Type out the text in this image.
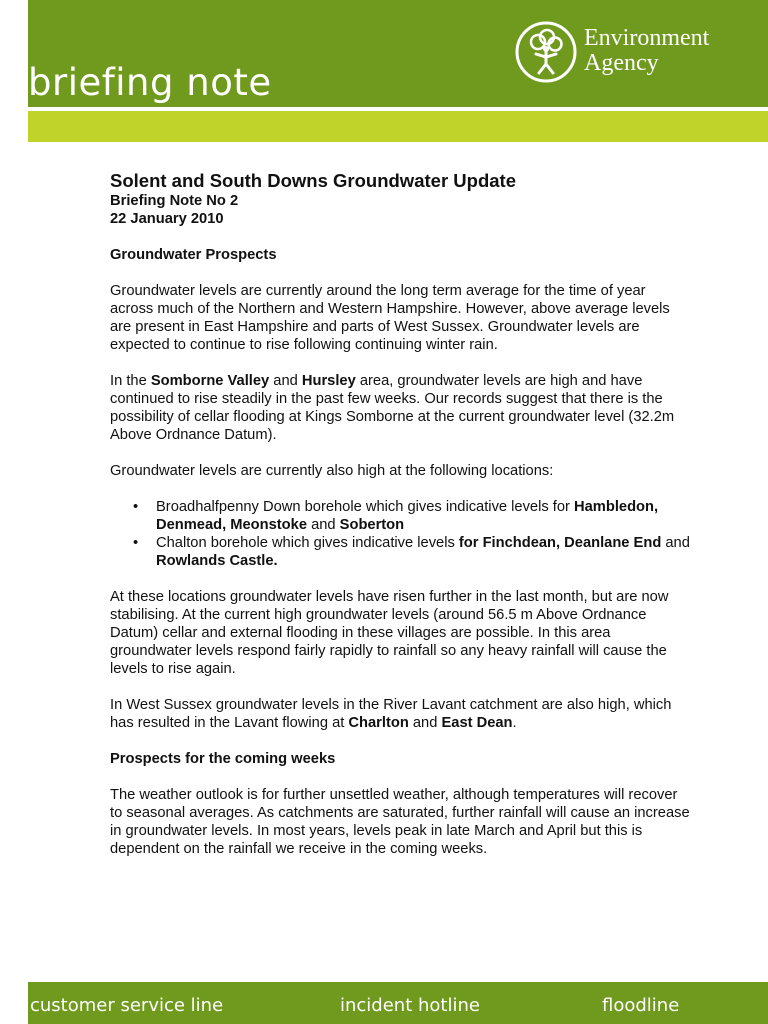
briefing note
Environment
Agency
Solent and South Downs Groundwater Update
Briefing Note No 2
22 January 2010
Groundwater Prospects

Groundwater levels are currently around the long term average for the time of year across much of the Northern and Western Hampshire. However, above average levels are present in East Hampshire and parts of West Sussex. Groundwater levels are expected to continue to rise following continuing winter rain.

In the Somborne Valley and Hursley area, groundwater levels are high and have continued to rise steadily in the past few weeks. Our records suggest that there is the possibility of cellar flooding at Kings Somborne at the current groundwater level (32.2m Above Ordnance Datum).

Groundwater levels are currently also high at the following locations:

• Broadhalfpenny Down borehole which gives indicative levels for Hambledon, Denmead, Meonstoke and Soberton
• Chalton borehole which gives indicative levels for Finchdean, Deanlane End and Rowlands Castle.

At these locations groundwater levels have risen further in the last month, but are now stabilising. At the current high groundwater levels (around 56.5 m Above Ordnance Datum) cellar and external flooding in these villages are possible. In this area groundwater levels respond fairly rapidly to rainfall so any heavy rainfall will cause the levels to rise again.

In West Sussex groundwater levels in the River Lavant catchment are also high, which has resulted in the Lavant flowing at Charlton and East Dean.

Prospects for the coming weeks

The weather outlook is for further unsettled weather, although temperatures will recover to seasonal averages. As catchments are saturated, further rainfall will cause an increase in groundwater levels. In most years, levels peak in late March and April but this is dependent on the rainfall we receive in the coming weeks.

customer service line	incident hotline	floodline
